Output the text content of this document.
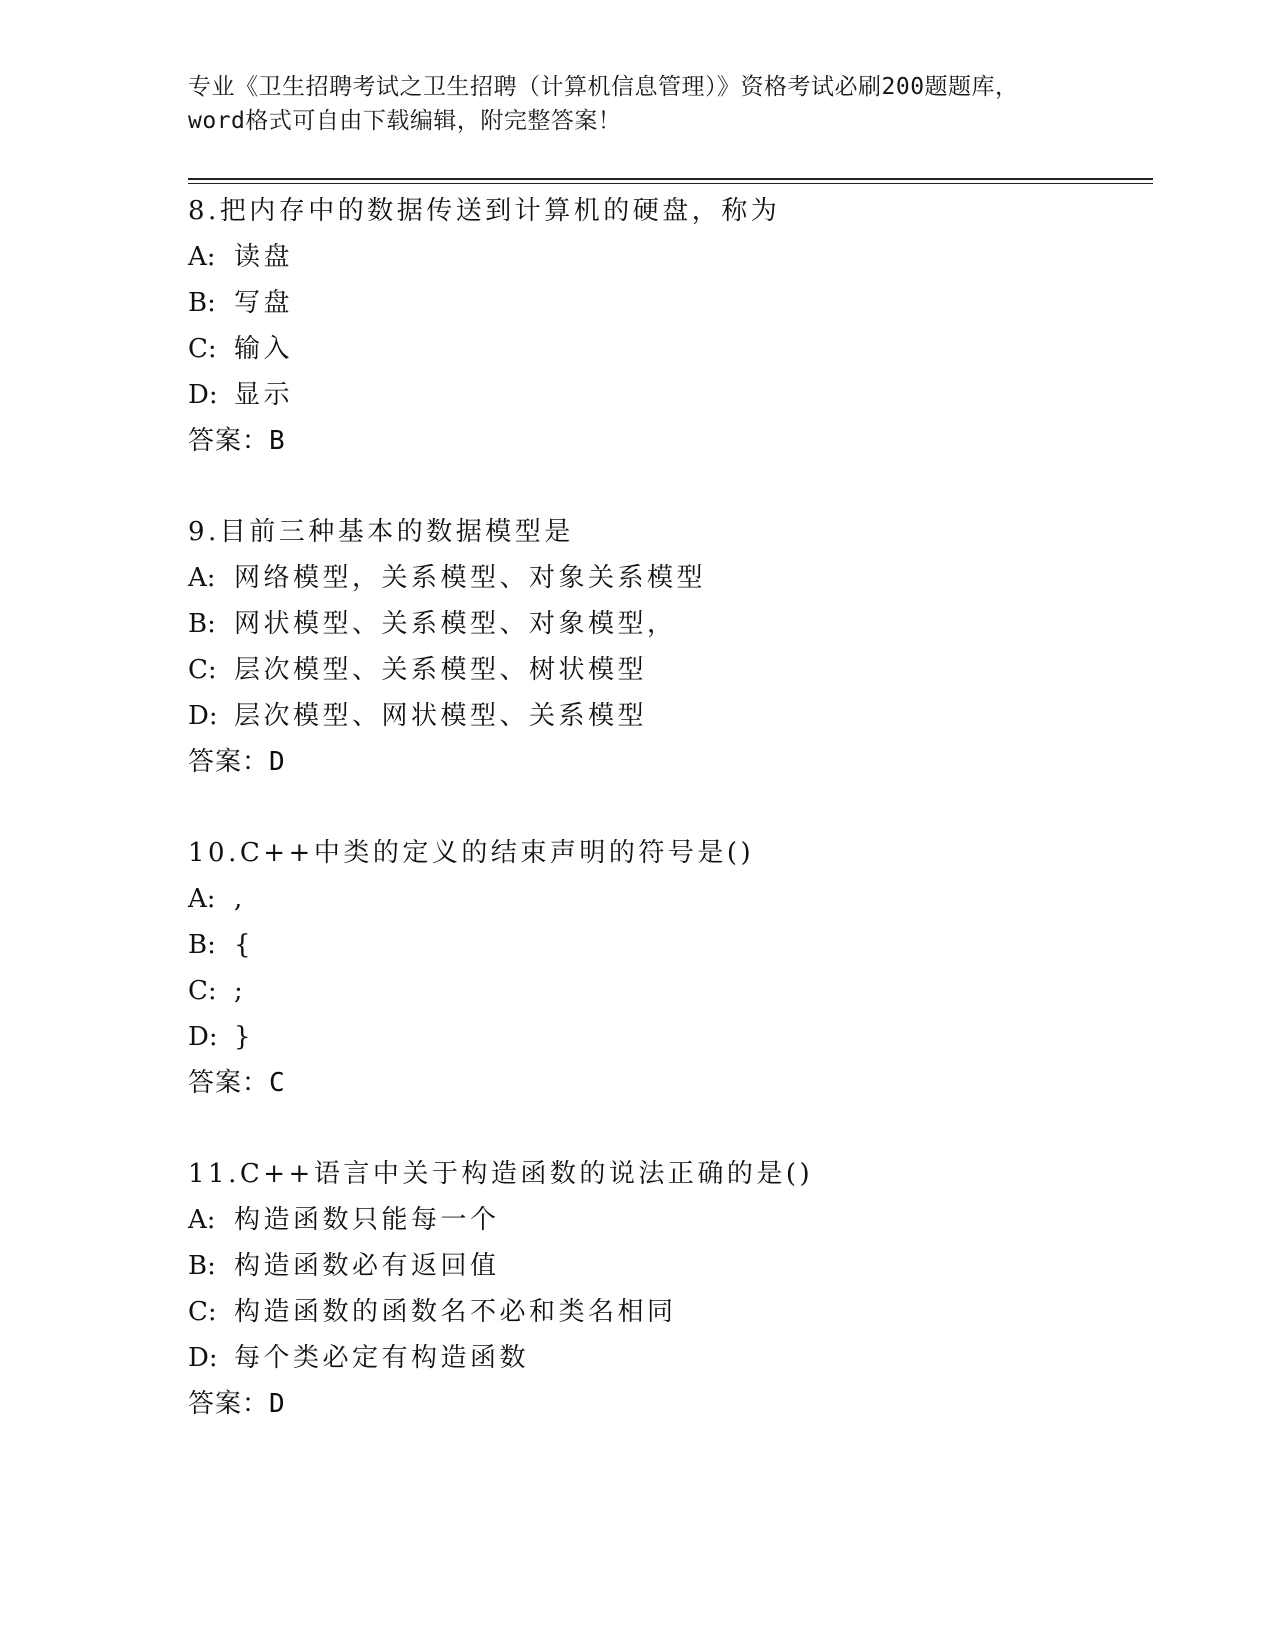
专业《卫生招聘考试之卫生招聘（计算机信息管理）》资格考试必刷200题题库，
word格式可自由下载编辑，附完整答案！
8.把内存中的数据传送到计算机的硬盘，称为
A: 读盘
B: 写盘
C: 输入
D: 显示
答案：B
9.目前三种基本的数据模型是
A: 网络模型，关系模型、对象关系模型
B: 网状模型、关系模型、对象模型，
C: 层次模型、关系模型、树状模型
D: 层次模型、网状模型、关系模型
答案：D
10.C++中类的定义的结束声明的符号是()
A: ,
B: {
C: ;
D: }
答案：C
11.C++语言中关于构造函数的说法正确的是()
A: 构造函数只能每一个
B: 构造函数必有返回值
C: 构造函数的函数名不必和类名相同
D: 每个类必定有构造函数
答案：D
